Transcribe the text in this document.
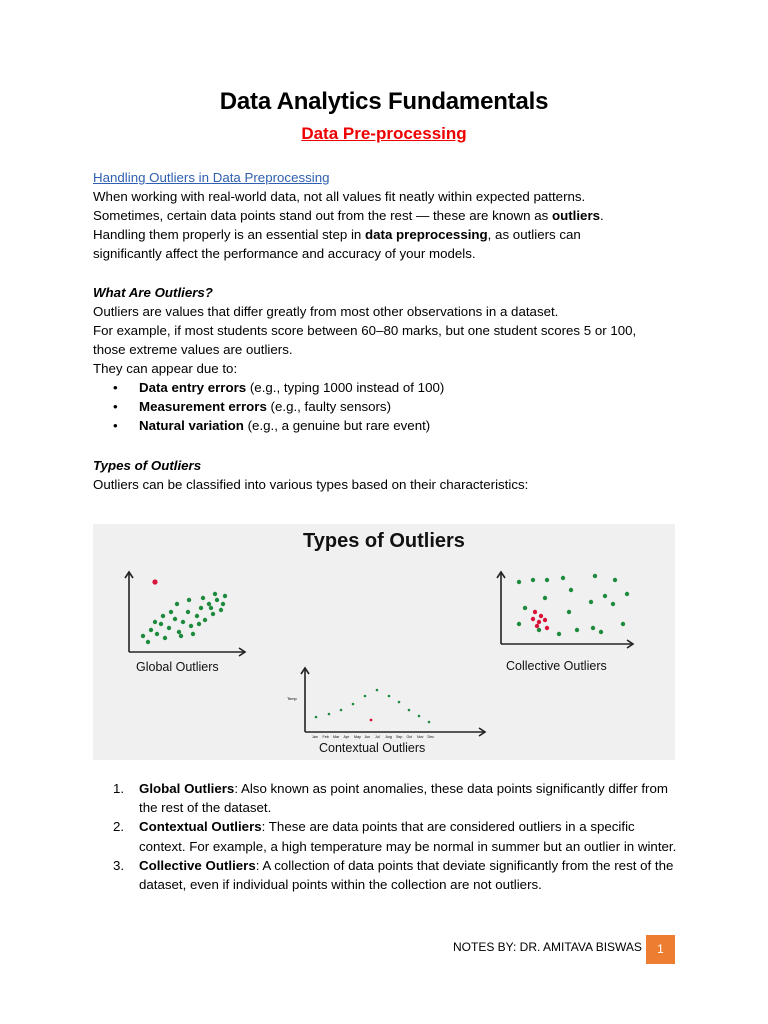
Data Analytics Fundamentals
Data Pre-processing
Handling Outliers in Data Preprocessing
When working with real-world data, not all values fit neatly within expected patterns.
Sometimes, certain data points stand out from the rest — these are known as outliers.
Handling them properly is an essential step in data preprocessing, as outliers can
significantly affect the performance and accuracy of your models.
What Are Outliers?
Outliers are values that differ greatly from most other observations in a dataset.
For example, if most students score between 60–80 marks, but one student scores 5 or 100,
those extreme values are outliers.
They can appear due to:
• Data entry errors (e.g., typing 1000 instead of 100)
• Measurement errors (e.g., faulty sensors)
• Natural variation (e.g., a genuine but rare event)
Types of Outliers
Outliers can be classified into various types based on their characteristics:
Types of Outliers
Temp
Jan Feb Mar Apr May Jun Jul Aug Sep Oct Nov Dec
Global Outliers	Collective Outliers
Contextual Outliers
1. Global Outliers: Also known as point anomalies, these data points significantly differ from the rest of the dataset.
2. Contextual Outliers: These are data points that are considered outliers in a specific context. For example, a high temperature may be normal in summer but an outlier in winter.
3. Collective Outliers: A collection of data points that deviate significantly from the rest of the dataset, even if individual points within the collection are not outliers.
NOTES BY: DR. AMITAVA BISWAS	1
